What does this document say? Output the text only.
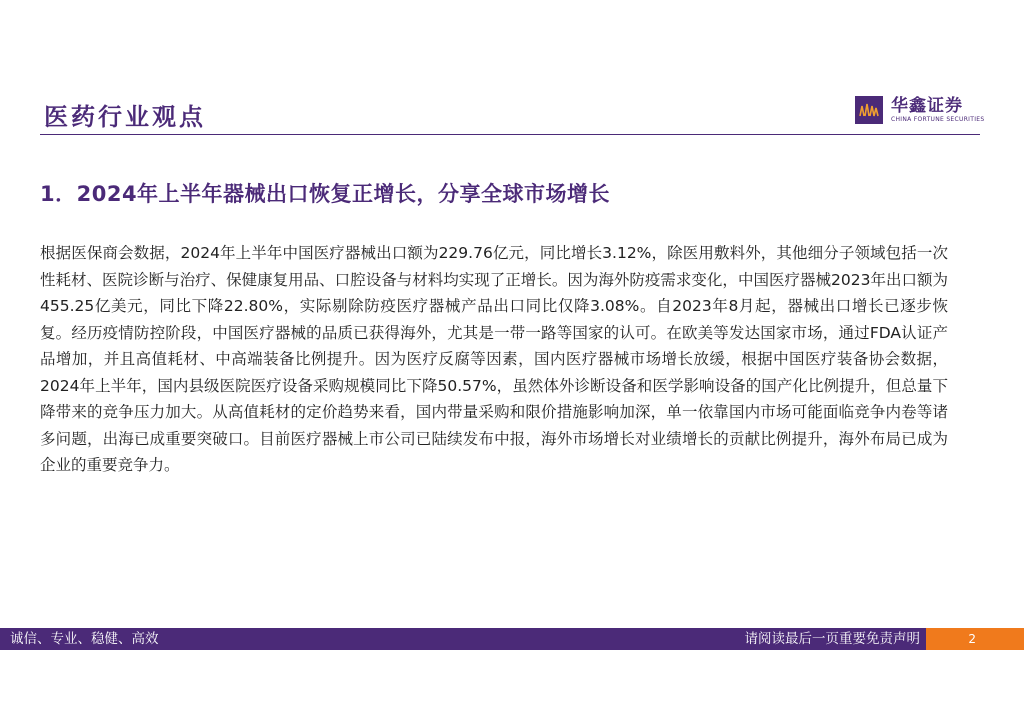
医药行业观点	华鑫证券
CHINA FORTUNE SECURITIES
1．2024年上半年器械出口恢复正增长，分享全球市场增长
根据医保商会数据，2024年上半年中国医疗器械出口额为229.76亿元，同比增长3.12%，除医用敷料外，其他细分子领域包括一次性耗材、医院诊断与治疗、保健康复用品、口腔设备与材料均实现了正增长。因为海外防疫需求变化，中国医疗器械2023年出口额为455.25亿美元，同比下降22.80%，实际剔除防疫医疗器械产品出口同比仅降3.08%。自2023年8月起，器械出口增长已逐步恢复。经历疫情防控阶段，中国医疗器械的品质已获得海外，尤其是一带一路等国家的认可。在欧美等发达国家市场，通过FDA认证产品增加，并且高值耗材、中高端装备比例提升。因为医疗反腐等因素，国内医疗器械市场增长放缓，根据中国医疗装备协会数据，2024年上半年，国内县级医院医疗设备采购规模同比下降50.57%，虽然体外诊断设备和医学影响设备的国产化比例提升，但总量下降带来的竞争压力加大。从高值耗材的定价趋势来看，国内带量采购和限价措施影响加深，单一依靠国内市场可能面临竞争内卷等诸多问题，出海已成重要突破口。目前医疗器械上市公司已陆续发布中报，海外市场增长对业绩增长的贡献比例提升，海外布局已成为企业的重要竞争力。
诚信、专业、稳健、高效	请阅读最后一页重要免责声明	2
